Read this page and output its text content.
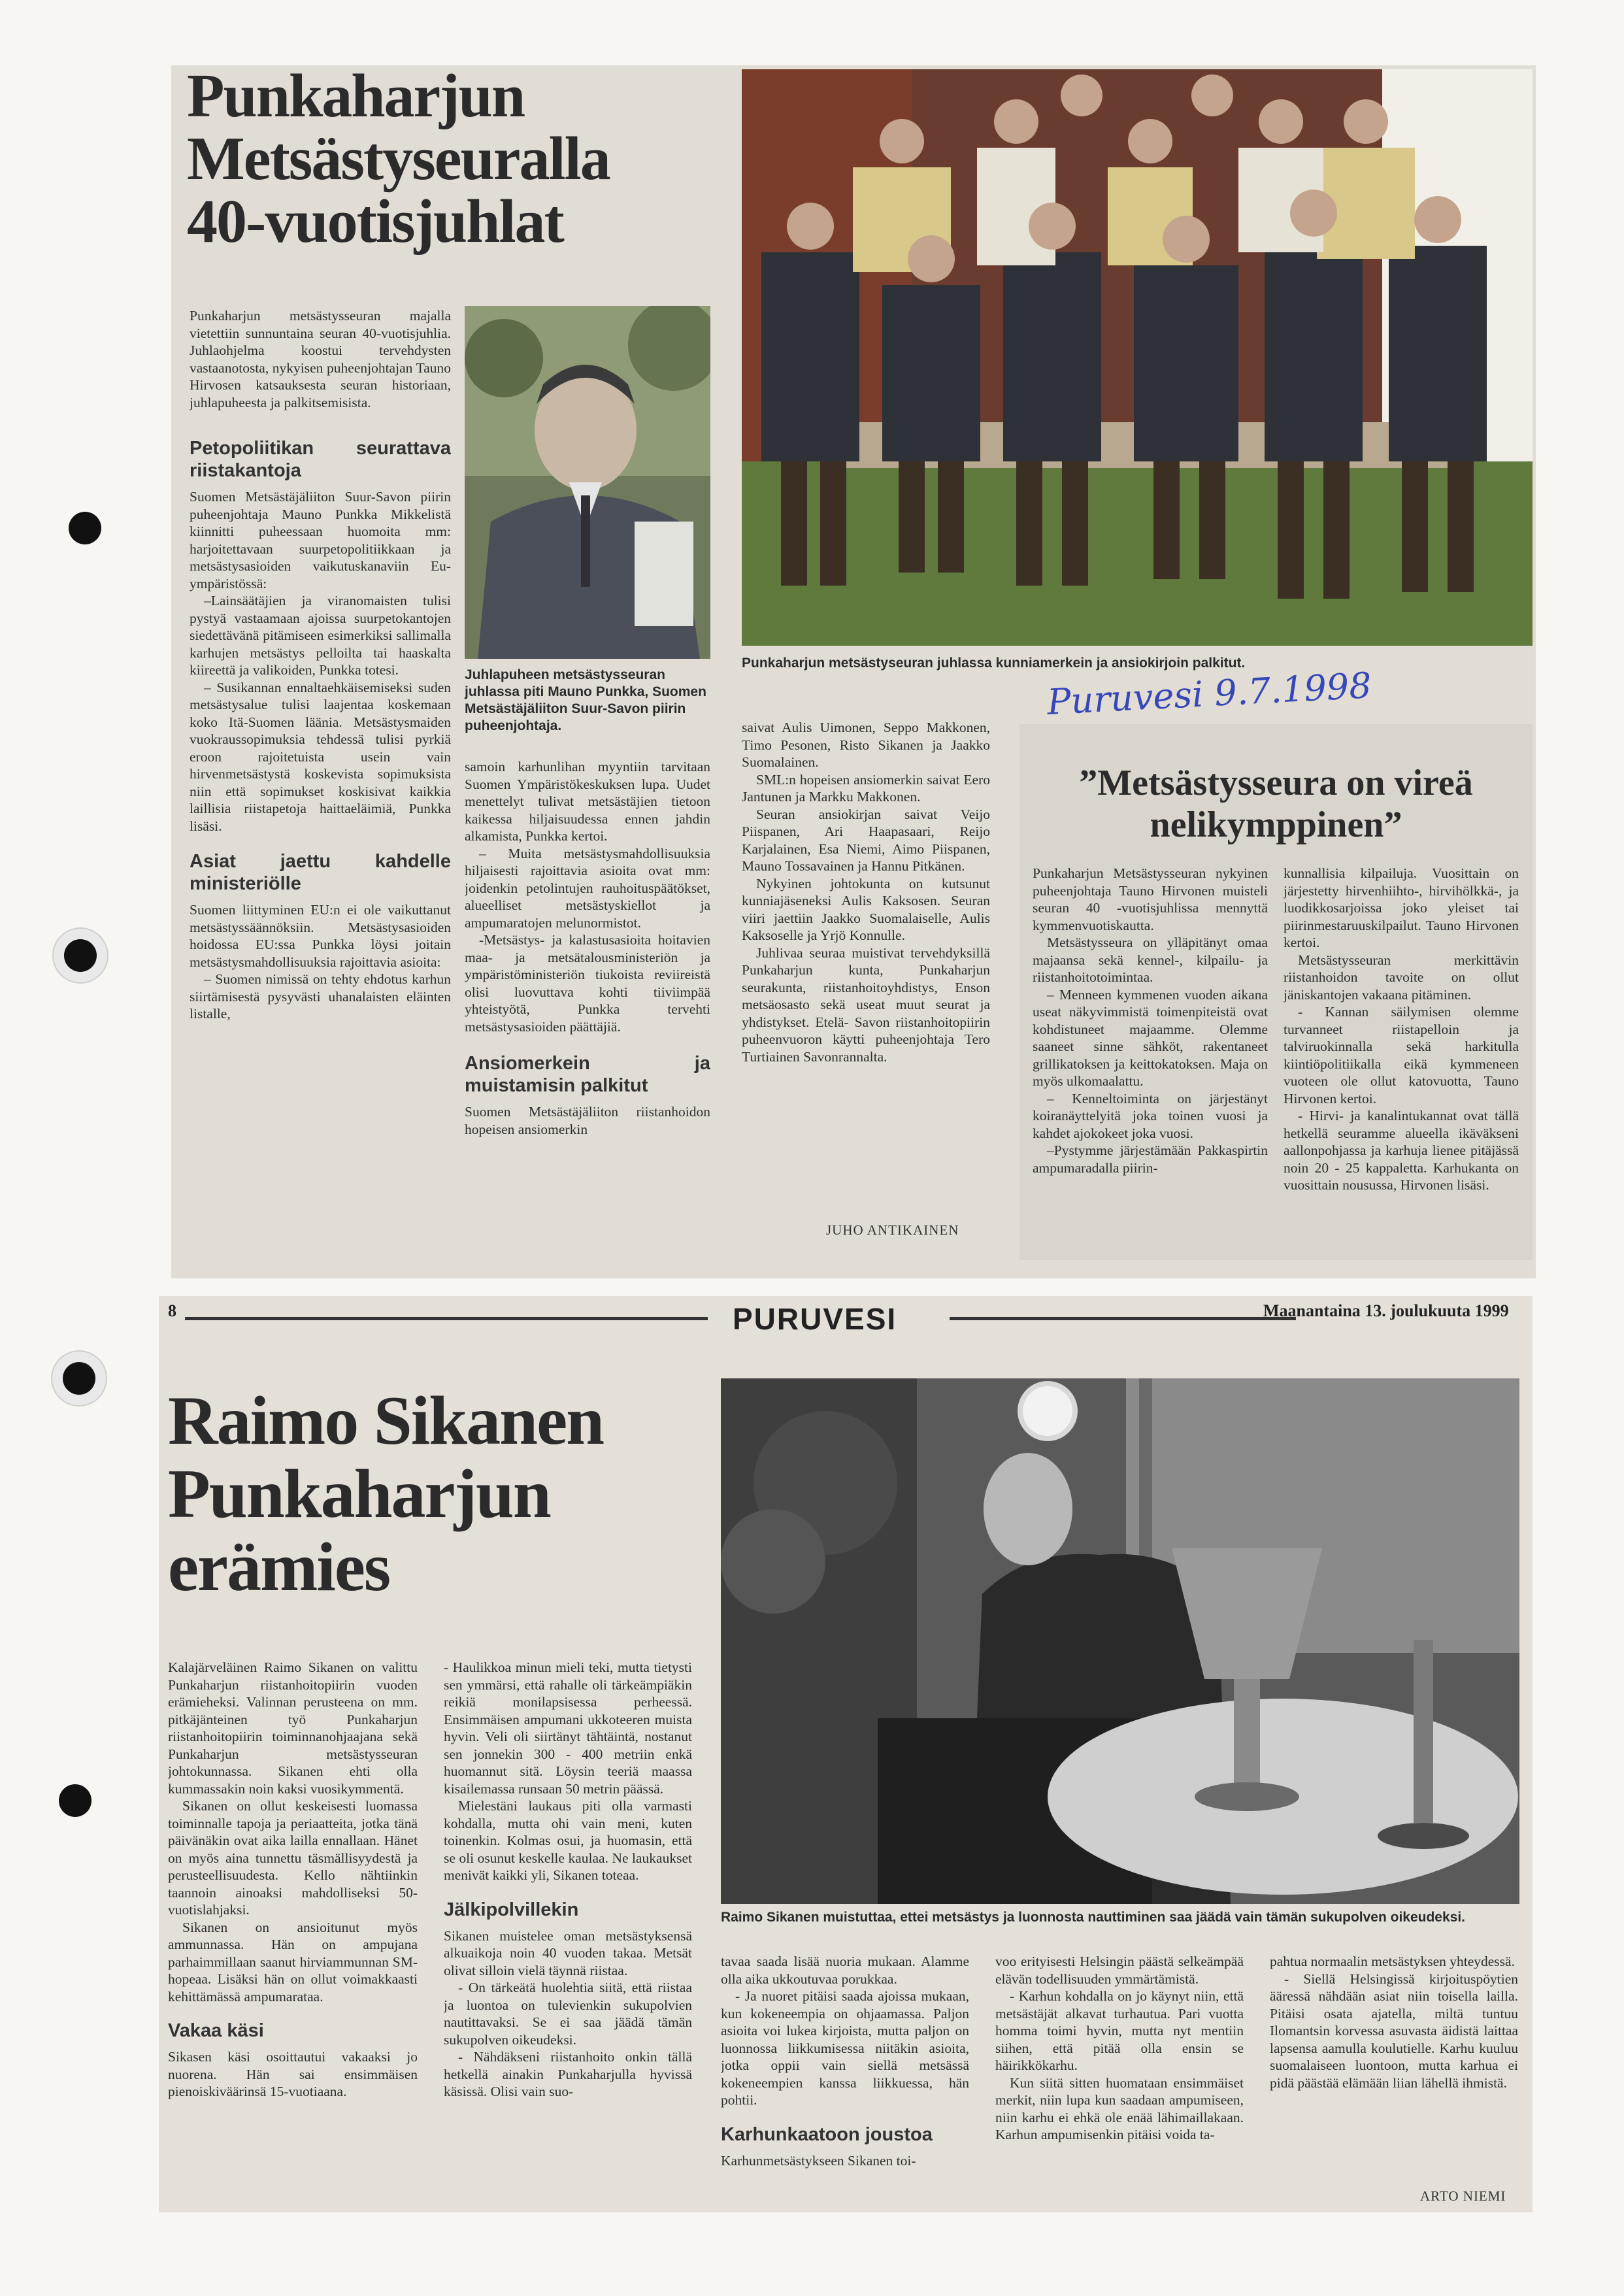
Punkaharjun
Metsästyseuralla
40-vuotisjuhlat

Punkaharjun metsästysseuran majalla vietettiin sunnuntaina seuran 40-vuotisjuhlia. Juhlaohjelma koostui tervehdysten vastaanotosta, nykyisen puheenjohtajan Tauno Hirvosen katsauksesta seuran historiaan, juhlapuheesta ja palkitsemisista.

Petopoliitikan seurattava riistakantoja

Suomen Metsästäjäliiton Suur-Savon piirin puheenjohtaja Mauno Punkka Mikkelistä kiinnitti puheessaan huomoita mm: harjoitettavaan suurpetopolitiikkaan ja metsästysasioiden vaikutuskanaviin Eu-ympäristössä:

–Lainsäätäjien ja viranomaisten tulisi pystyä vastaamaan ajoissa suurpetokantojen siedettävänä pitämiseen esimerkiksi sallimalla karhujen metsästys pelloilta tai haaskalta kiireettä ja valikoiden, Punkka totesi.

– Susikannan ennaltaehkäisemiseksi suden metsästysalue tulisi laajentaa koskemaan koko Itä-Suomen läänia. Metsästysmaiden vuokraussopimuksia tehdessä tulisi pyrkiä eroon rajoitetuista usein vain hirvenmetsästystä koskevista sopimuksista niin että sopimukset koskisivat kaikkia laillisia riistapetoja haittaeläimiä, Punkka lisäsi.

Asiat jaettu kahdelle ministeriölle

Suomen liittyminen EU:n ei ole vaikuttanut metsästyssäännöksiin. Metsästysasioiden hoidossa EU:ssa Punkka löysi joitain metsästysmahdollisuuksia rajoittavia asioita:

– Suomen nimissä on tehty ehdotus karhun siirtämisestä pysyvästi uhanalaisten eläinten listalle,

Juhlapuheen metsästysseuran juhlassa piti Mauno Punkka, Suomen Metsästäjäliiton Suur-Savon piirin puheenjohtaja.

samoin karhunlihan myyntiin tarvitaan Suomen Ympäristökeskuksen lupa. Uudet menettelyt tulivat metsästäjien tietoon kaikessa hiljaisuudessa ennen jahdin alkamista, Punkka kertoi.

– Muita metsästysmahdollisuuksia hiljaisesti rajoittavia asioita ovat mm: joidenkin petolintujen rauhoituspäätökset, alueelliset metsästyskiellot ja ampumaratojen melunormistot.

-Metsästys- ja kalastusasioita hoitavien maa- ja metsätalousministeriön ja ympäristöministeriön tiukoista reviireistä olisi luovuttava kohti tiiviimpää yhteistyötä, Punkka tervehti metsästysasioiden päättäjiä.

Ansiomerkein ja muistamisin palkitut

Suomen Metsästäjäliiton riistanhoidon hopeisen ansiomerkin

Punkaharjun metsästyseuran juhlassa kunniamerkein ja ansiokirjoin palkitut.
Puruvesi 9.7.1998

saivat Aulis Uimonen, Seppo Makkonen, Timo Pesonen, Risto Sikanen ja Jaakko Suomalainen.

SML:n hopeisen ansiomerkin saivat Eero Jantunen ja Markku Makkonen.

Seuran ansiokirjan saivat Veijo Piispanen, Ari Haapasaari, Reijo Karjalainen, Esa Niemi, Aimo Piispanen, Mauno Tossavainen ja Hannu Pitkänen.

Nykyinen johtokunta on kutsunut kunniajäseneksi Aulis Kaksosen. Seuran viiri jaettiin Jaakko Suomalaiselle, Aulis Kaksoselle ja Yrjö Konnulle.

Juhlivaa seuraa muistivat tervehdyksillä Punkaharjun kunta, Punkaharjun seurakunta, riistanhoitoyhdistys, Enson metsäosasto sekä useat muut seurat ja yhdistykset. Etelä- Savon riistanhoitopiirin puheenvuoron käytti puheenjohtaja Tero Turtiainen Savonrannalta.

JUHO ANTIKAINEN
”Metsästysseura on vireä nelikymppinen”

Punkaharjun Metsästysseuran nykyinen puheenjohtaja Tauno Hirvonen muisteli seuran 40 -vuotisjuhlissa mennyttä kymmenvuotiskautta.

Metsästysseura on ylläpitänyt omaa majaansa sekä kennel-, kilpailu- ja riistanhoitotoimintaa.

– Menneen kymmenen vuoden aikana useat näkyvimmistä toimenpiteistä ovat kohdistuneet majaamme. Olemme saaneet sinne sähköt, rakentaneet grillikatoksen ja keittokatoksen. Maja on myös ulkomaalattu.

– Kenneltoiminta on järjestänyt koiranäyttelyitä joka toinen vuosi ja kahdet ajokokeet joka vuosi.

–Pystymme järjestämään Pakkaspirtin ampumaradalla piirin-

kunnallisia kilpailuja. Vuosittain on järjestetty hirvenhiihto-, hirvihölkkä-, ja luodikkosarjoissa joko yleiset tai piirinmestaruuskilpailut. Tauno Hirvonen kertoi.

Metsästysseuran merkittävin riistanhoidon tavoite on ollut jäniskantojen vakaana pitäminen.

- Kannan säilymisen olemme turvanneet riistapelloin ja talviruokinnalla sekä harkitulla kiintiöpolitiikalla eikä kymmeneen vuoteen ole ollut katovuotta, Tauno Hirvonen kertoi.

- Hirvi- ja kanalintukannat ovat tällä hetkellä seuramme alueella ikäväkseni aallonpohjassa ja karhuja lienee pitäjässä noin 20 - 25 kappaletta. Karhukanta on vuosittain nousussa, Hirvonen lisäsi.

8	PURUVESI	Maanantaina 13. joulukuuta 1999
Raimo Sikanen
Punkaharjun
erämies
Raimo Sikanen muistuttaa, ettei metsästys ja luonnosta nauttiminen saa jäädä vain tämän sukupolven oikeudeksi.

Kalajärveläinen Raimo Sikanen on valittu Punkaharjun riistanhoitopiirin vuoden erämieheksi. Valinnan perusteena on mm. pitkäjänteinen työ Punkaharjun riistanhoitopiirin toiminnanohjaajana sekä Punkaharjun metsästysseuran johtokunnassa. Sikanen ehti olla kummassakin noin kaksi vuosikymmentä.

Sikanen on ollut keskeisesti luomassa toiminnalle tapoja ja periaatteita, jotka tänä päivänäkin ovat aika lailla ennallaan. Hänet on myös aina tunnettu täsmällisyydestä ja perusteellisuudesta. Kello nähtiinkin taannoin ainoaksi mahdolliseksi 50-vuotislahjaksi.

Sikanen on ansioitunut myös ammunnassa. Hän on ampujana parhaimmillaan saanut hirviammunnan SM-hopeaa. Lisäksi hän on ollut voimakkaasti kehittämässä ampumarataa.

Vakaa käsi

Sikasen käsi osoittautui vakaaksi jo nuorena. Hän sai ensimmäisen pienoiskiväärinsä 15-vuotiaana.

- Haulikkoa minun mieli teki, mutta tietysti sen ymmärsi, että rahalle oli tärkeämpiäkin reikiä monilapsisessa perheessä. Ensimmäisen ampumani ukkoteeren muista hyvin. Veli oli siirtänyt tähtäintä, nostanut sen jonnekin 300 - 400 metriin enkä huomannut sitä. Löysin teeriä maassa kisailemassa runsaan 50 metrin päässä.

Mielestäni laukaus piti olla varmasti kohdalla, mutta ohi vain meni, kuten toinenkin. Kolmas osui, ja huomasin, että se oli osunut keskelle kaulaa. Ne laukaukset menivät kaikki yli, Sikanen toteaa.

Jälkipolvillekin

Sikanen muistelee oman metsästyksensä alkuaikoja noin 40 vuoden takaa. Metsät olivat silloin vielä täynnä riistaa.

- On tärkeätä huolehtia siitä, että riistaa ja luontoa on tulevienkin sukupolvien nautittavaksi. Se ei saa jäädä tämän sukupolven oikeudeksi.

- Nähdäkseni riistanhoito onkin tällä hetkellä ainakin Punkaharjulla hyvissä käsissä. Olisi vain suo-

tavaa saada lisää nuoria mukaan. Alamme olla aika ukkoutuvaa porukkaa.

- Ja nuoret pitäisi saada ajoissa mukaan, kun kokeneempia on ohjaamassa. Paljon asioita voi lukea kirjoista, mutta paljon on luonnossa liikkumisessa niitäkin asioita, jotka oppii vain siellä metsässä kokeneempien kanssa liikkuessa, hän pohtii.

Karhunkaatoon joustoa

Karhunmetsästykseen Sikanen toi-

voo erityisesti Helsingin päästä selkeämpää elävän todellisuuden ymmärtämistä.

- Karhun kohdalla on jo käynyt niin, että metsästäjät alkavat turhautua. Pari vuotta homma toimi hyvin, mutta nyt mentiin siihen, että pitää olla ensin se häirikkökarhu.

Kun siitä sitten huomataan ensimmäiset merkit, niin lupa kun saadaan ampumiseen, niin karhu ei ehkä ole enää lähimaillakaan. Karhun ampumisenkin pitäisi voida ta-

pahtua normaalin metsästyksen yhteydessä.

- Siellä Helsingissä kirjoituspöytien ääressä nähdään asiat niin toisella lailla. Pitäisi osata ajatella, miltä tuntuu Ilomantsin korvessa asuvasta äidistä laittaa lapsensa aamulla koulutielle. Karhu kuuluu suomalaiseen luontoon, mutta karhua ei pidä päästää elämään liian lähellä ihmistä.

ARTO NIEMI
